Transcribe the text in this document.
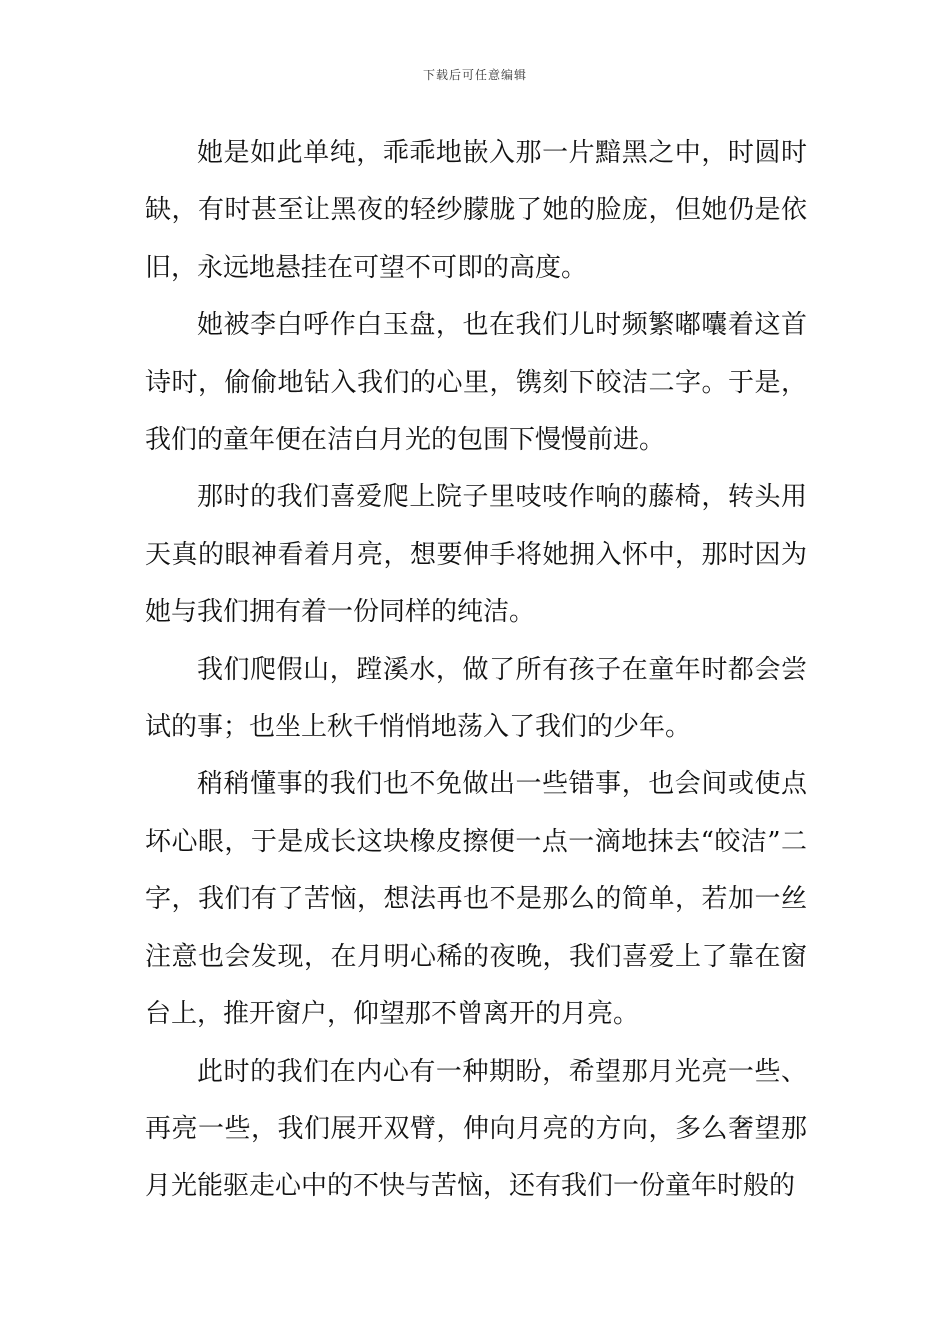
下载后可任意编辑

她是如此单纯，乖乖地嵌入那一片黯黑之中，时圆时缺，有时甚至让黑夜的轻纱朦胧了她的脸庞，但她仍是依旧，永远地悬挂在可望不可即的高度。

她被李白呼作白玉盘，也在我们儿时频繁嘟囔着这首诗时，偷偷地钻入我们的心里，镌刻下皎洁二字。于是，我们的童年便在洁白月光的包围下慢慢前进。

那时的我们喜爱爬上院子里吱吱作响的藤椅，转头用天真的眼神看着月亮，想要伸手将她拥入怀中，那时因为她与我们拥有着一份同样的纯洁。

我们爬假山，蹚溪水，做了所有孩子在童年时都会尝试的事；也坐上秋千悄悄地荡入了我们的少年。

稍稍懂事的我们也不免做出一些错事，也会间或使点坏心眼，于是成长这块橡皮擦便一点一滴地抹去“皎洁”二字，我们有了苦恼，想法再也不是那么的简单，若加一丝注意也会发现，在月明心稀的夜晚，我们喜爱上了靠在窗台上，推开窗户，仰望那不曾离开的月亮。

此时的我们在内心有一种期盼，希望那月光亮一些、再亮一些，我们展开双臂，伸向月亮的方向，多么奢望那月光能驱走心中的不快与苦恼，还有我们一份童年时般的
